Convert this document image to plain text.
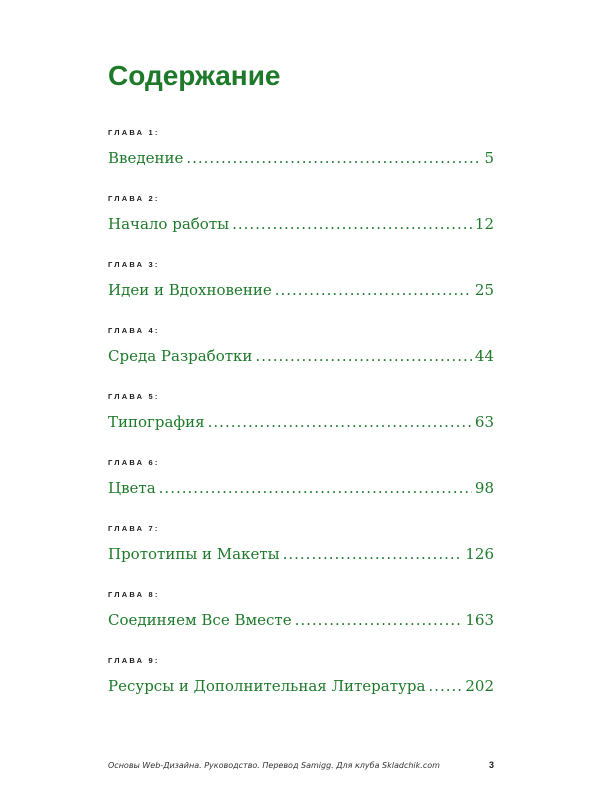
Содержание
ГЛАВА 1:
Введение .....	5
ГЛАВА 2:
Начало работы .....	12
ГЛАВА 3:
Идеи и Вдохновение .....	25
ГЛАВА 4:
Среда Разработки .....	44
ГЛАВА 5:
Типография .....	63
ГЛАВА 6:
Цвета .....	98
ГЛАВА 7:
Прототипы и Макеты .....	126
ГЛАВА 8:
Соединяем Все Вместе .....	163
ГЛАВА 9:
Ресурсы и Дополнительная Литература .....	202
Основы Web-Дизайна. Руководство. Перевод Samigg. Для клуба Skladchik.com	3
